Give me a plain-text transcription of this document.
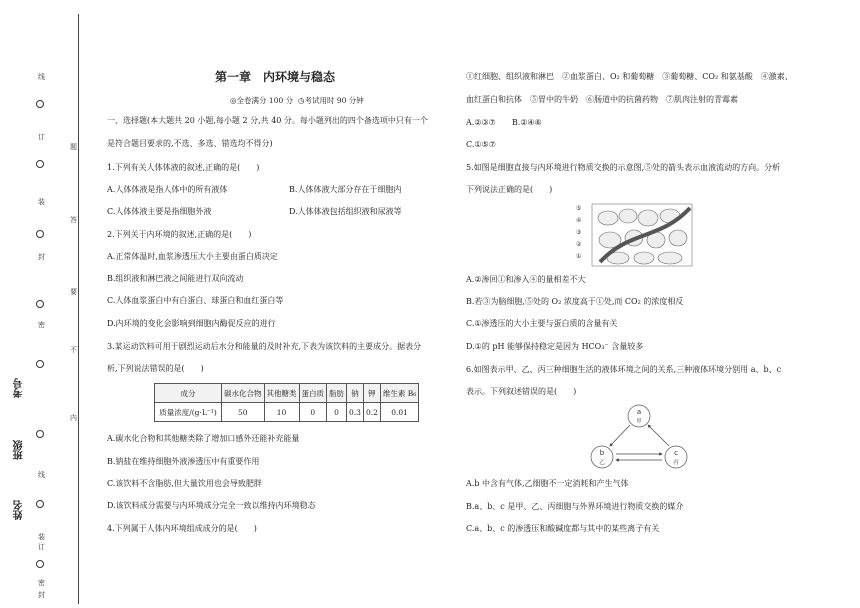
线
题
订
答
装
要
封
不
密
内
线
订
装
封
密
考号
班级
姓名
第一章　内环境与稳态
◎全卷满分 100 分 ◷考试用时 90 分钟
一、选择题(本大题共 20 小题,每小题 2 分,共 40 分。每小题列出的四个备选项中只有一个
是符合题目要求的,不选、多选、错选均不得分)
1.下列有关人体体液的叙述,正确的是(　　)
A.人体体液是指人体中的所有液体	B.人体体液大部分存在于细胞内
C.人体体液主要是指细胞外液	D.人体体液包括组织液和尿液等
2.下列关于内环境的叙述,正确的是(　　)
A.正常体温时,血浆渗透压大小主要由蛋白质决定
B.组织液和淋巴液之间能进行双向流动
C.人体血浆蛋白中有白蛋白、球蛋白和血红蛋白等
D.内环境的变化会影响到细胞内酶促反应的进行
3.某运动饮料可用于剧烈运动后水分和能量的及时补充,下表为该饮料的主要成分。据表分
析,下列说法错误的是(　　)
成分	碳水化合物	其他糖类	蛋白质	脂肪	钠	钾	维生素 B₆
质量浓度/(g·L⁻¹)	50	10	0	0	0.3	0.2	0.01
A.碳水化合物和其他糖类除了增加口感外还能补充能量
B.钠盐在维持细胞外液渗透压中有重要作用
C.该饮料不含脂肪,但大量饮用也会导致肥胖
D.该饮料成分需要与内环境成分完全一致以维持内环境稳态
4.下列属于人体内环境组成成分的是(　　)
①红细胞、组织液和淋巴　②血浆蛋白、O₂ 和葡萄糖　③葡萄糖、CO₂ 和氨基酸　④激素、
血红蛋白和抗体　⑤胃中的牛奶　⑥肠道中的抗菌药物　⑦肌肉注射的青霉素
A.②③⑦　　B.②④⑥
C.①⑤⑦
5.如图是细胞直接与内环境进行物质交换的示意图,⑤处的箭头表示血液流动的方向。分析
下列说法正确的是(　　)
⑤
④
③
②
①
A.②渗回①和渗入④的量相差不大
B.若③为脑细胞,⑤处的 O₂ 浓度高于①处,而 CO₂ 的浓度相反
C.①渗透压的大小主要与蛋白质的含量有关
D.①的 pH 能够保持稳定是因为 HCO₃⁻ 含量较多
6.如图表示甲、乙、丙三种细胞生活的液体环境之间的关系,三种液体环境分别用 a、b、c
表示。下列叙述错误的是(　　)
a
b	c
甲
乙	丙
A.b 中含有气体,乙细胞不一定消耗和产生气体
B.a、b、c 是甲、乙、丙细胞与外界环境进行物质交换的媒介
C.a、b、c 的渗透压和酸碱度都与其中的某些离子有关
